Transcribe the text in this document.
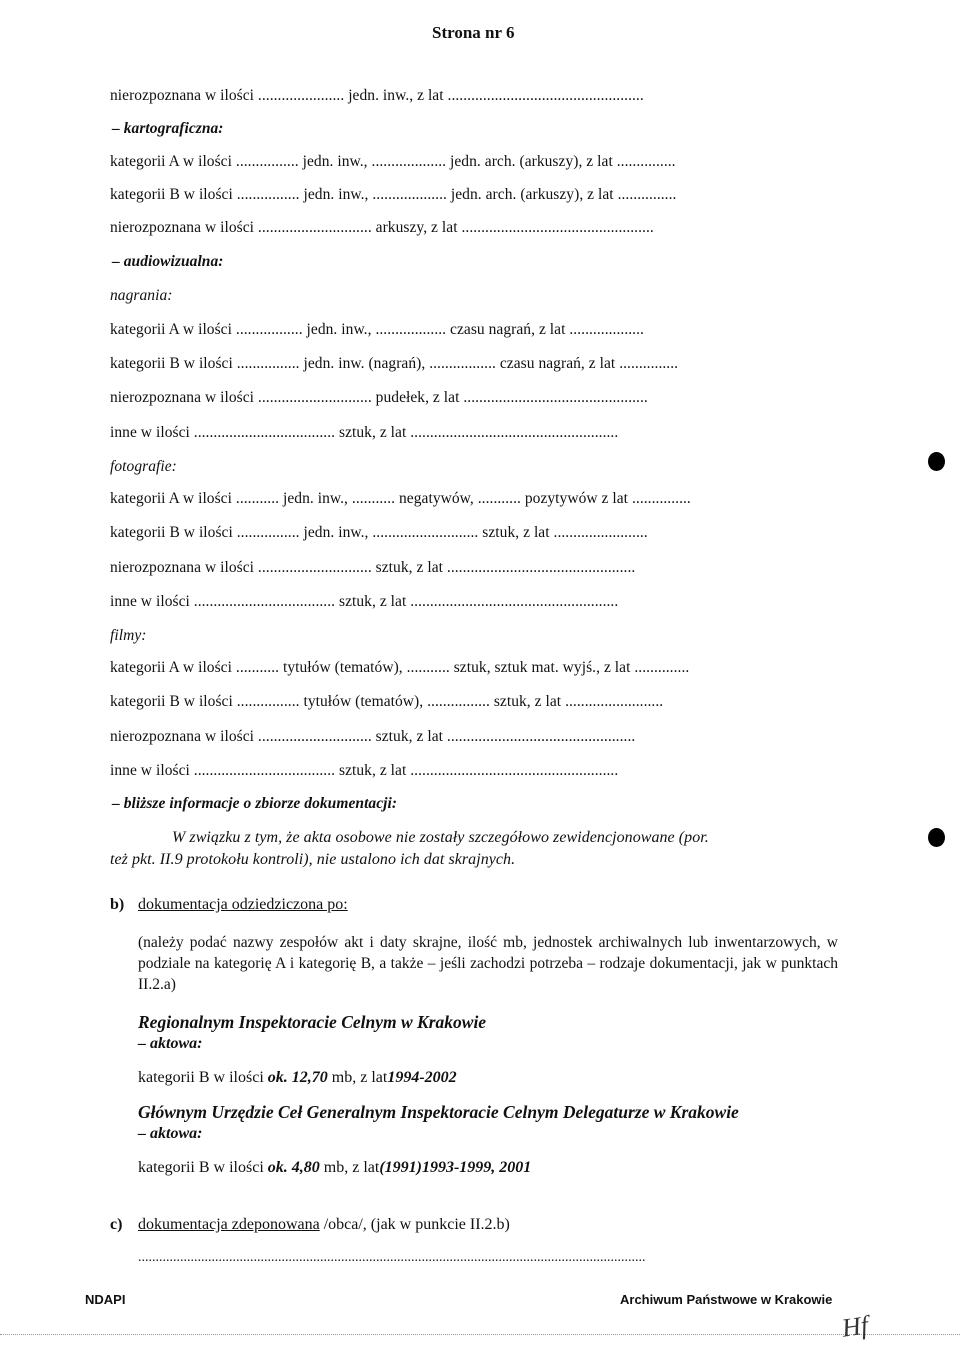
Strona nr 6
nierozpoznana w ilości ...................... jedn. inw., z lat ..................................................
– kartograficzna:
kategorii A w ilości ................ jedn. inw., ................... jedn. arch. (arkuszy), z lat ...............
kategorii B w ilości ................ jedn. inw., ................... jedn. arch. (arkuszy), z lat ...............
nierozpoznana w ilości ............................. arkuszy, z lat .................................................
– audiowizualna:
nagrania:
kategorii A w ilości ................. jedn. inw., .................. czasu nagrań, z lat ...................
kategorii B w ilości ................ jedn. inw. (nagrań), ................. czasu nagrań, z lat ...............
nierozpoznana w ilości ............................. pudełek, z lat ...............................................
inne w ilości .................................... sztuk, z lat .....................................................
fotografie:
kategorii A w ilości ........... jedn. inw., ........... negatywów, ........... pozytywów z lat ...............
kategorii B w ilości ................ jedn. inw., ........................... sztuk, z lat ........................
nierozpoznana w ilości ............................. sztuk, z lat ................................................
inne w ilości .................................... sztuk, z lat .....................................................
filmy:
kategorii A w ilości ........... tytułów (tematów), ........... sztuk, sztuk mat. wyjś., z lat ..............
kategorii B w ilości ................ tytułów (tematów), ................ sztuk, z lat .........................
nierozpoznana w ilości ............................. sztuk, z lat ................................................
inne w ilości .................................... sztuk, z lat .....................................................
– bliższe informacje o zbiorze dokumentacji:
W związku z tym, że akta osobowe nie zostały szczegółowo zewidencjonowane (por.
też pkt. II.9 protokołu kontroli), nie ustalono ich dat skrajnych.
b) dokumentacja odziedziczona po:
(należy podać nazwy zespołów akt i daty skrajne, ilość mb, jednostek archiwalnych lub inwentarzowych, w podziale na kategorię A i kategorię B, a także – jeśli zachodzi potrzeba – rodzaje dokumentacji, jak w punktach II.2.a)
Regionalnym Inspektoracie Celnym w Krakowie
– aktowa:
kategorii B w ilości ok. 12,70 mb, z lat1994-2002
Głównym Urzędzie Ceł Generalnym Inspektoracie Celnym Delegaturze w Krakowie
– aktowa:
kategorii B w ilości ok. 4,80 mb, z lat(1991)1993-1999, 2001
c) dokumentacja zdeponowana /obca/, (jak w punkcie II.2.b)
.................................................................................................................................................
NDAPI	Archiwum Państwowe w Krakowie
Hf
